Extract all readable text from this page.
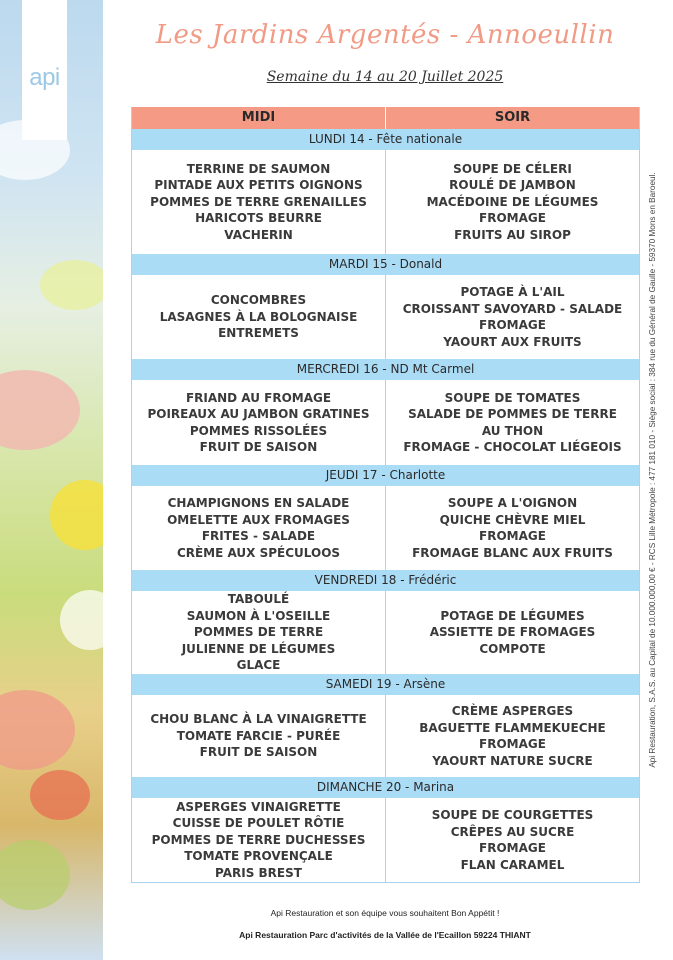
api
Les Jardins Argentés - Annoeullin
Semaine du 14 au 20 Juillet 2025
MIDI	SOIR
LUNDI 14 - Fête nationale
TERRINE DE SAUMON
PINTADE AUX PETITS OIGNONS
POMMES DE TERRE GRENAILLES
HARICOTS BEURRE
VACHERIN
SOUPE DE CÉLERI
ROULÉ DE JAMBON
MACÉDOINE DE LÉGUMES
FROMAGE
FRUITS AU SIROP
MARDI 15 - Donald
CONCOMBRES
LASAGNES À LA BOLOGNAISE
ENTREMETS
POTAGE À L'AIL
CROISSANT SAVOYARD - SALADE
FROMAGE
YAOURT AUX FRUITS
MERCREDI 16 - ND Mt Carmel
FRIAND AU FROMAGE
POIREAUX AU JAMBON GRATINES
POMMES RISSOLÉES
FRUIT DE SAISON
SOUPE DE TOMATES
SALADE DE POMMES DE TERRE
AU THON
FROMAGE - CHOCOLAT LIÉGEOIS
JEUDI 17 - Charlotte
CHAMPIGNONS EN SALADE
OMELETTE AUX FROMAGES
FRITES - SALADE
CRÈME AUX SPÉCULOOS
SOUPE A L'OIGNON
QUICHE CHÈVRE MIEL
FROMAGE
FROMAGE BLANC AUX FRUITS
VENDREDI 18 - Frédéric
TABOULÉ
SAUMON À L'OSEILLE
POMMES DE TERRE
JULIENNE DE LÉGUMES
GLACE
POTAGE DE LÉGUMES
ASSIETTE DE FROMAGES
COMPOTE
SAMEDI 19 - Arsène
CHOU BLANC À LA VINAIGRETTE
TOMATE FARCIE - PURÉE
FRUIT DE SAISON
CRÈME ASPERGES
BAGUETTE FLAMMEKUECHE
FROMAGE
YAOURT NATURE SUCRE
DIMANCHE 20 - Marina
ASPERGES VINAIGRETTE
CUISSE DE POULET RÔTIE
POMMES DE TERRE DUCHESSES
TOMATE PROVENÇALE
PARIS BREST
SOUPE DE COURGETTES
CRÊPES AU SUCRE
FROMAGE
FLAN CARAMEL
Api Restauration, S.A.S. au Capital de 10.000.000,00 € - RCS Lille Métropole : 477 181 010 - Siège social : 384 rue du Général de Gaulle - 59370 Mons en Baroeul.
Api Restauration et son équipe vous souhaitent Bon Appétit !
Api Restauration Parc d'activités de la Vallée de l'Ecaillon 59224 THIANT
